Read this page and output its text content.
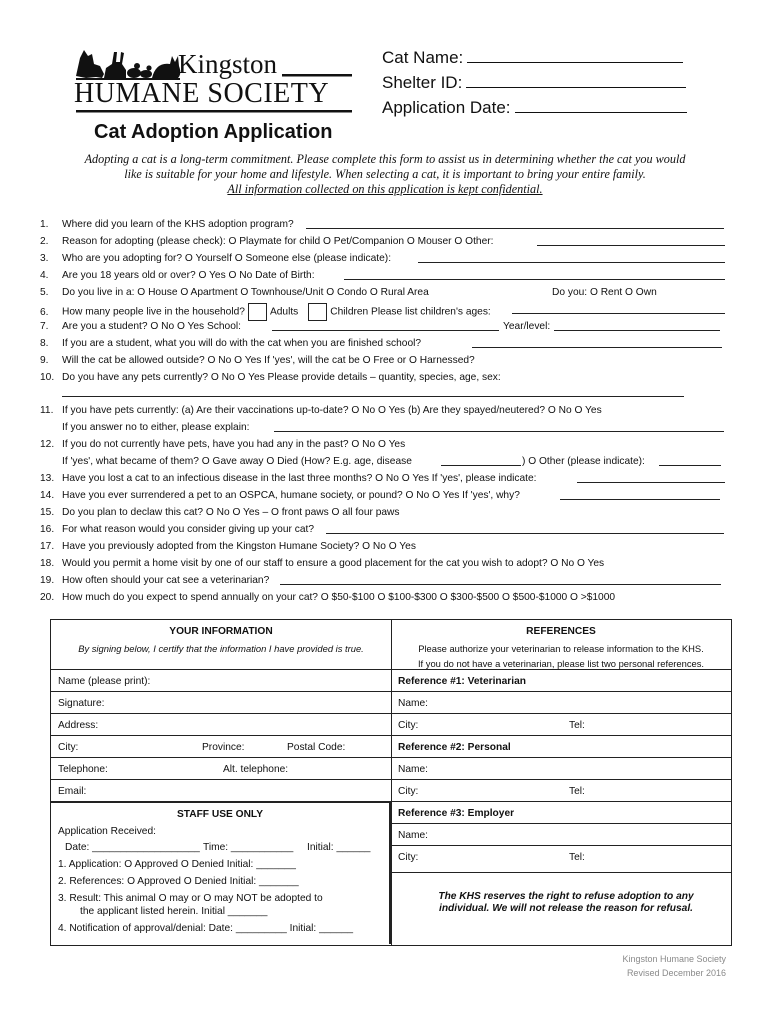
Kingston
HUMANE SOCIETY
Cat Name:
Shelter ID:
Application Date:
Cat Adoption Application
Adopting a cat is a long-term commitment. Please complete this form to assist us in determining whether the cat you would
like is suitable for your home and lifestyle. When selecting a cat, it is important to bring your entire family.
All information collected on this application is kept confidential.
1. Where did you learn of the KHS adoption program?
2. Reason for adopting (please check): O Playmate for child O Pet/Companion O Mouser O Other:
3. Who are you adopting for? O Yourself O Someone else (please indicate):
4. Are you 18 years old or over? O Yes O No Date of Birth:
5. Do you live in a: O House O Apartment O Townhouse/Unit O Condo O Rural Area	Do you: O Rent O Own
6. How many people live in the household? Adults	Children Please list children's ages:
7. Are you a student? O No O Yes School:	Year/level:
8. If you are a student, what you will do with the cat when you are finished school?
9. Will the cat be allowed outside? O No O Yes If 'yes', will the cat be O Free or O Harnessed?
10. Do you have any pets currently? O No O Yes Please provide details – quantity, species, age, sex:
11. If you have pets currently: (a) Are their vaccinations up-to-date? O No O Yes (b) Are they spayed/neutered? O No O Yes
If you answer no to either, please explain:
12. If you do not currently have pets, have you had any in the past? O No O Yes
If 'yes', what became of them? O Gave away O Died (How? E.g. age, disease	) O Other (please indicate):
13. Have you lost a cat to an infectious disease in the last three months? O No O Yes If 'yes', please indicate:
14. Have you ever surrendered a pet to an OSPCA, humane society, or pound? O No O Yes If 'yes', why?
15. Do you plan to declaw this cat? O No O Yes – O front paws O all four paws
16. For what reason would you consider giving up your cat?
17. Have you previously adopted from the Kingston Humane Society? O No O Yes
18. Would you permit a home visit by one of our staff to ensure a good placement for the cat you wish to adopt? O No O Yes
19. How often should your cat see a veterinarian?
20. How much do you expect to spend annually on your cat? O $50-$100 O $100-$300 O $300-$500 O $500-$1000 O >$1000
YOUR INFORMATION
By signing below, I certify that the information I have provided is true.
Name (please print):
Signature:
Address:
City:	Province:	Postal Code:
Telephone:	Alt. telephone:
Email:
STAFF USE ONLY
Application Received:
Date: ___________________ Time: ___________ Initial: ______
1. Application: O Approved O Denied Initial: _______
2. References: O Approved O Denied Initial: _______
3. Result: This animal O may or O may NOT be adopted to
the applicant listed herein. Initial _______
4. Notification of approval/denial: Date: _________ Initial: ______
REFERENCES
Please authorize your veterinarian to release information to the KHS.
If you do not have a veterinarian, please list two personal references.
Reference #1: Veterinarian
Name:
City:	Tel:
Reference #2: Personal
Name:
City:	Tel:
Reference #3: Employer
Name:
City:	Tel:
The KHS reserves the right to refuse adoption to any
individual. We will not release the reason for refusal.
Kingston Humane Society
Revised December 2016
